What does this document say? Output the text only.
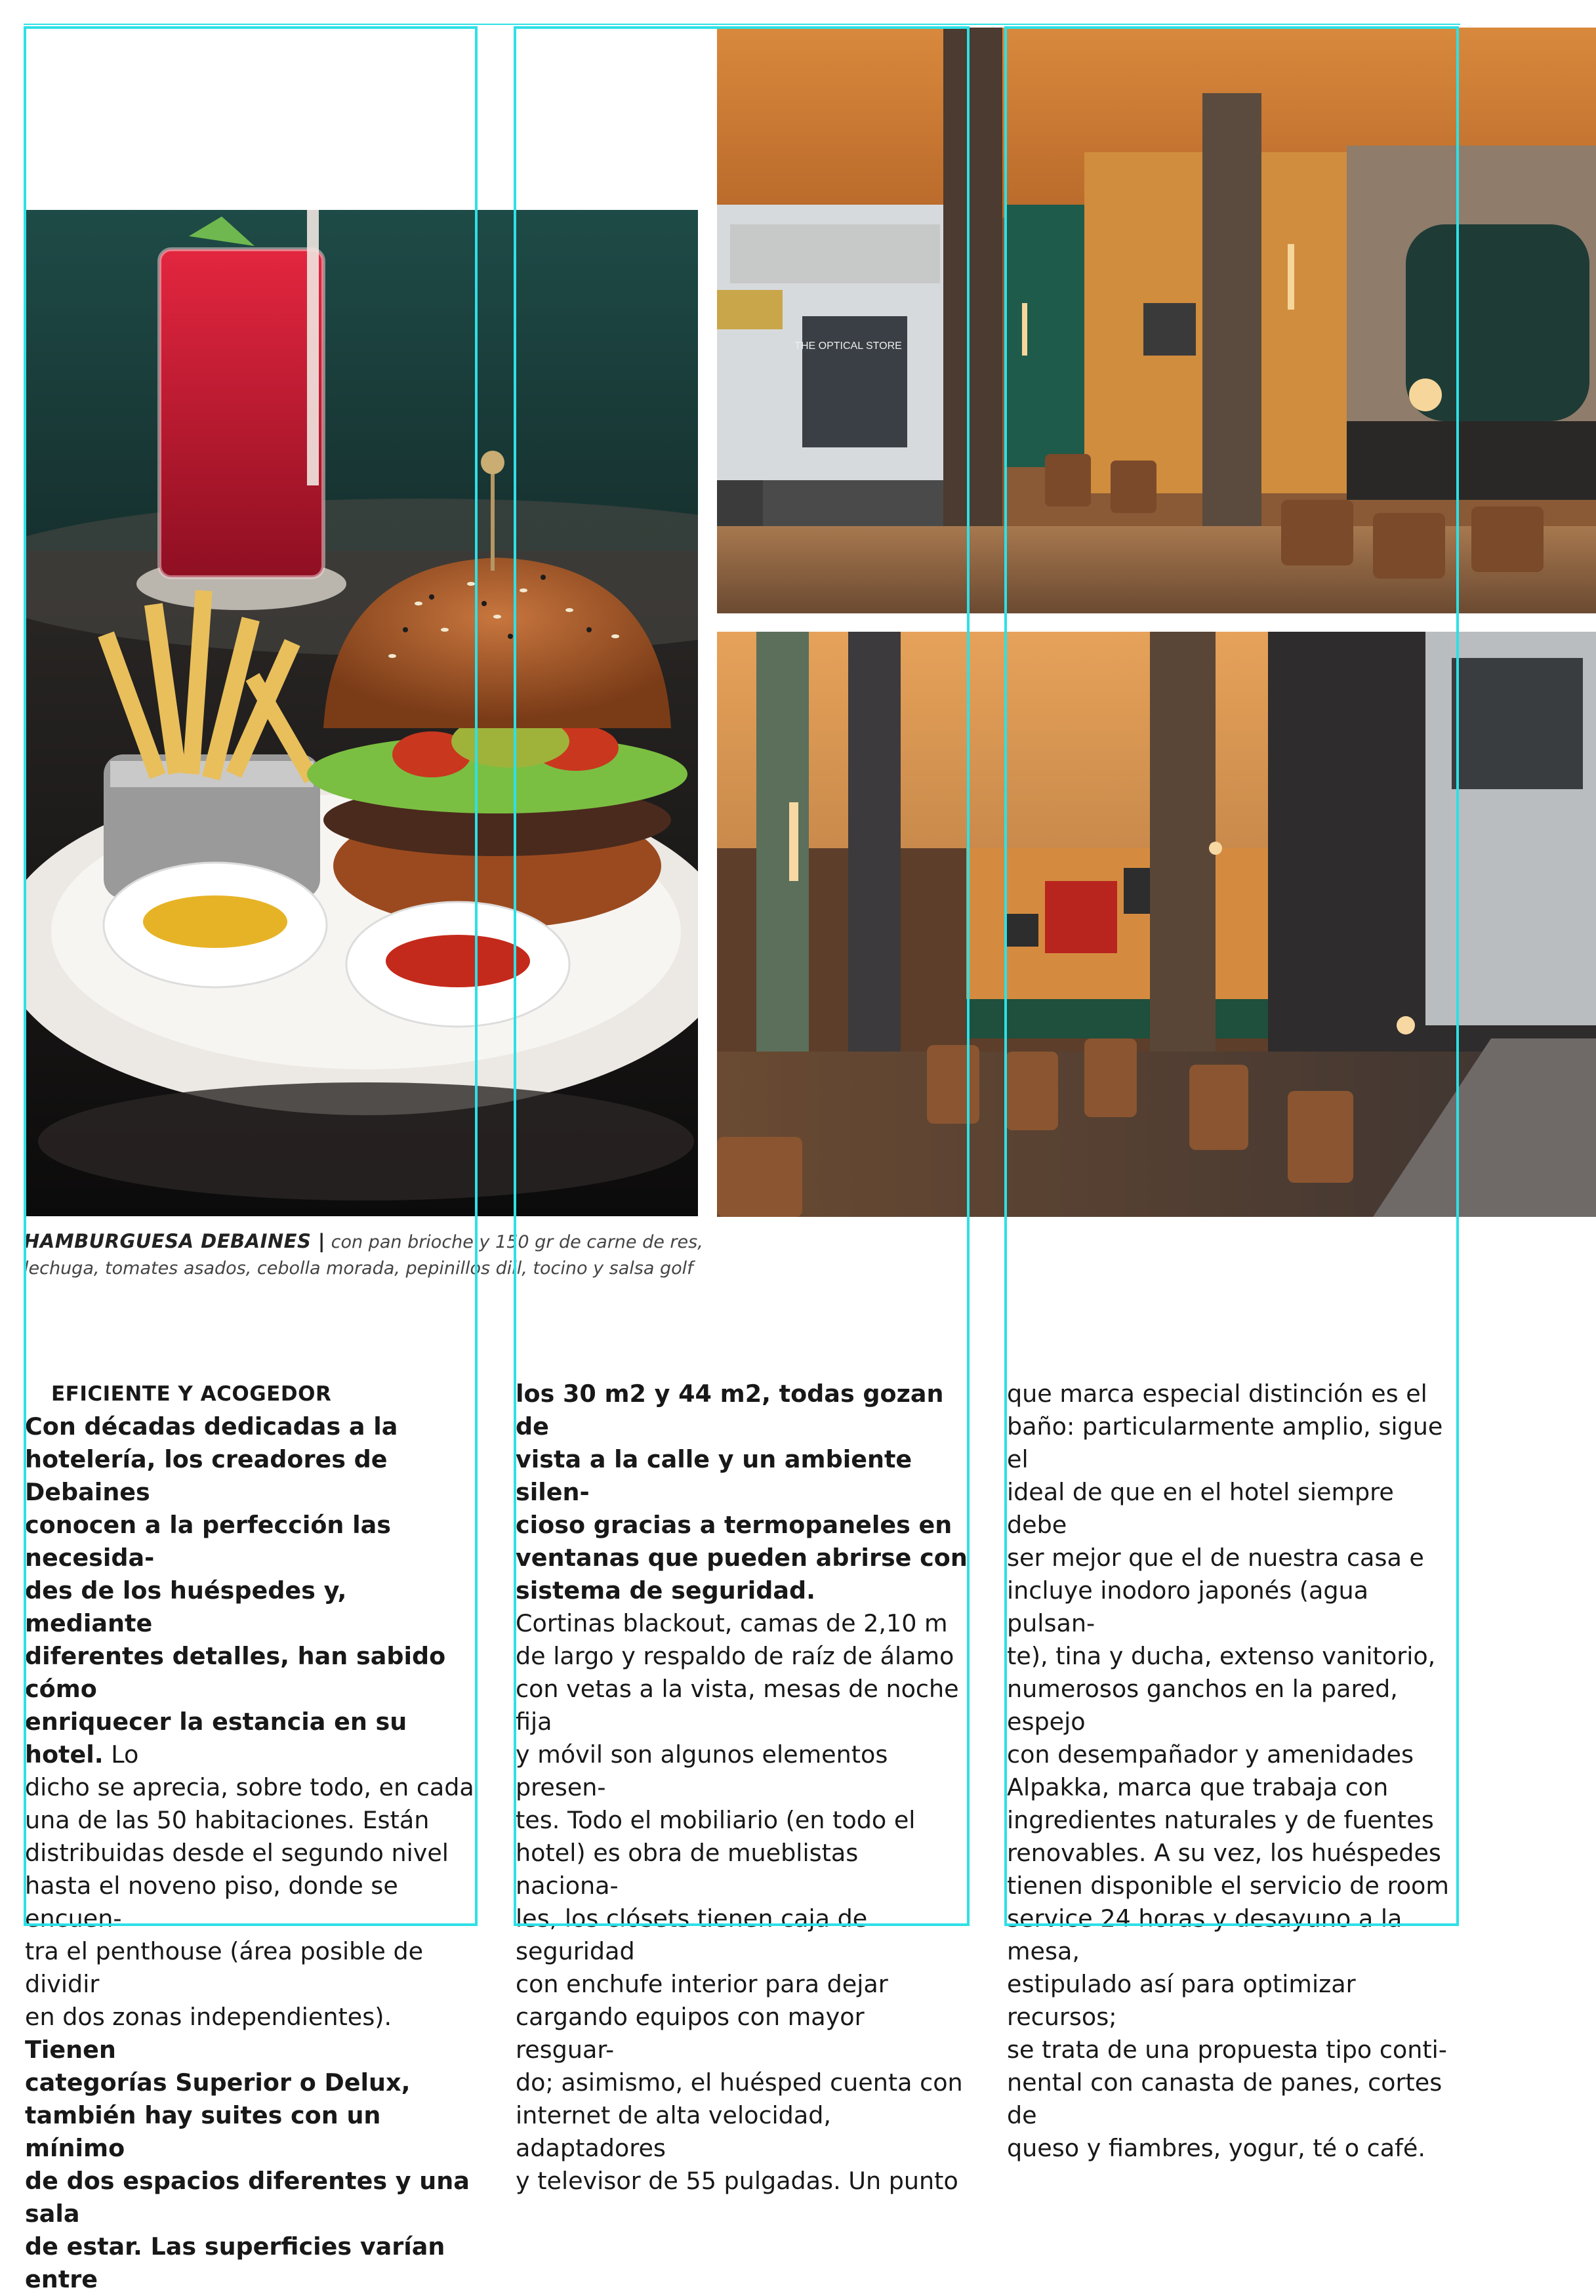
THE OPTICAL STORE
HAMBURGUESA DEBAINES | con pan brioche y 150 gr de carne de res, lechuga, tomates asados, cebolla morada, pepinillos dill, tocino y salsa golf
EFICIENTE Y ACOGEDOR

Con décadas dedicadas a la
hotelería, los creadores de Debaines
conocen a la perfección las necesida-
des de los huéspedes y, mediante
diferentes detalles, han sabido cómo
enriquecer la estancia en su hotel. Lo
dicho se aprecia, sobre todo, en cada
una de las 50 habitaciones. Están
distribuidas desde el segundo nivel
hasta el noveno piso, donde se encuen-
tra el penthouse (área posible de dividir
en dos zonas independientes). Tienen
categorías Superior o Delux,
también hay suites con un mínimo
de dos espacios diferentes y una sala
de estar. Las superficies varían entre

los 30 m2 y 44 m2, todas gozan de
vista a la calle y un ambiente silen-
cioso gracias a termopaneles en
ventanas que pueden abrirse con
sistema de seguridad.
Cortinas blackout, camas de 2,10 m
de largo y respaldo de raíz de álamo
con vetas a la vista, mesas de noche fija
y móvil son algunos elementos presen-
tes. Todo el mobiliario (en todo el
hotel) es obra de mueblistas naciona-
les, los clósets tienen caja de seguridad
con enchufe interior para dejar
cargando equipos con mayor resguar-
do; asimismo, el huésped cuenta con
internet de alta velocidad, adaptadores
y televisor de 55 pulgadas. Un punto

que marca especial distinción es el
baño: particularmente amplio, sigue el
ideal de que en el hotel siempre debe
ser mejor que el de nuestra casa e
incluye inodoro japonés (agua pulsan-
te), tina y ducha, extenso vanitorio,
numerosos ganchos en la pared, espejo
con desempañador y amenidades
Alpakka, marca que trabaja con
ingredientes naturales y de fuentes
renovables. A su vez, los huéspedes
tienen disponible el servicio de room
service 24 horas y desayuno a la mesa,
estipulado así para optimizar recursos;
se trata de una propuesta tipo conti-
nental con canasta de panes, cortes de
queso y fiambres, yogur, té o café.
